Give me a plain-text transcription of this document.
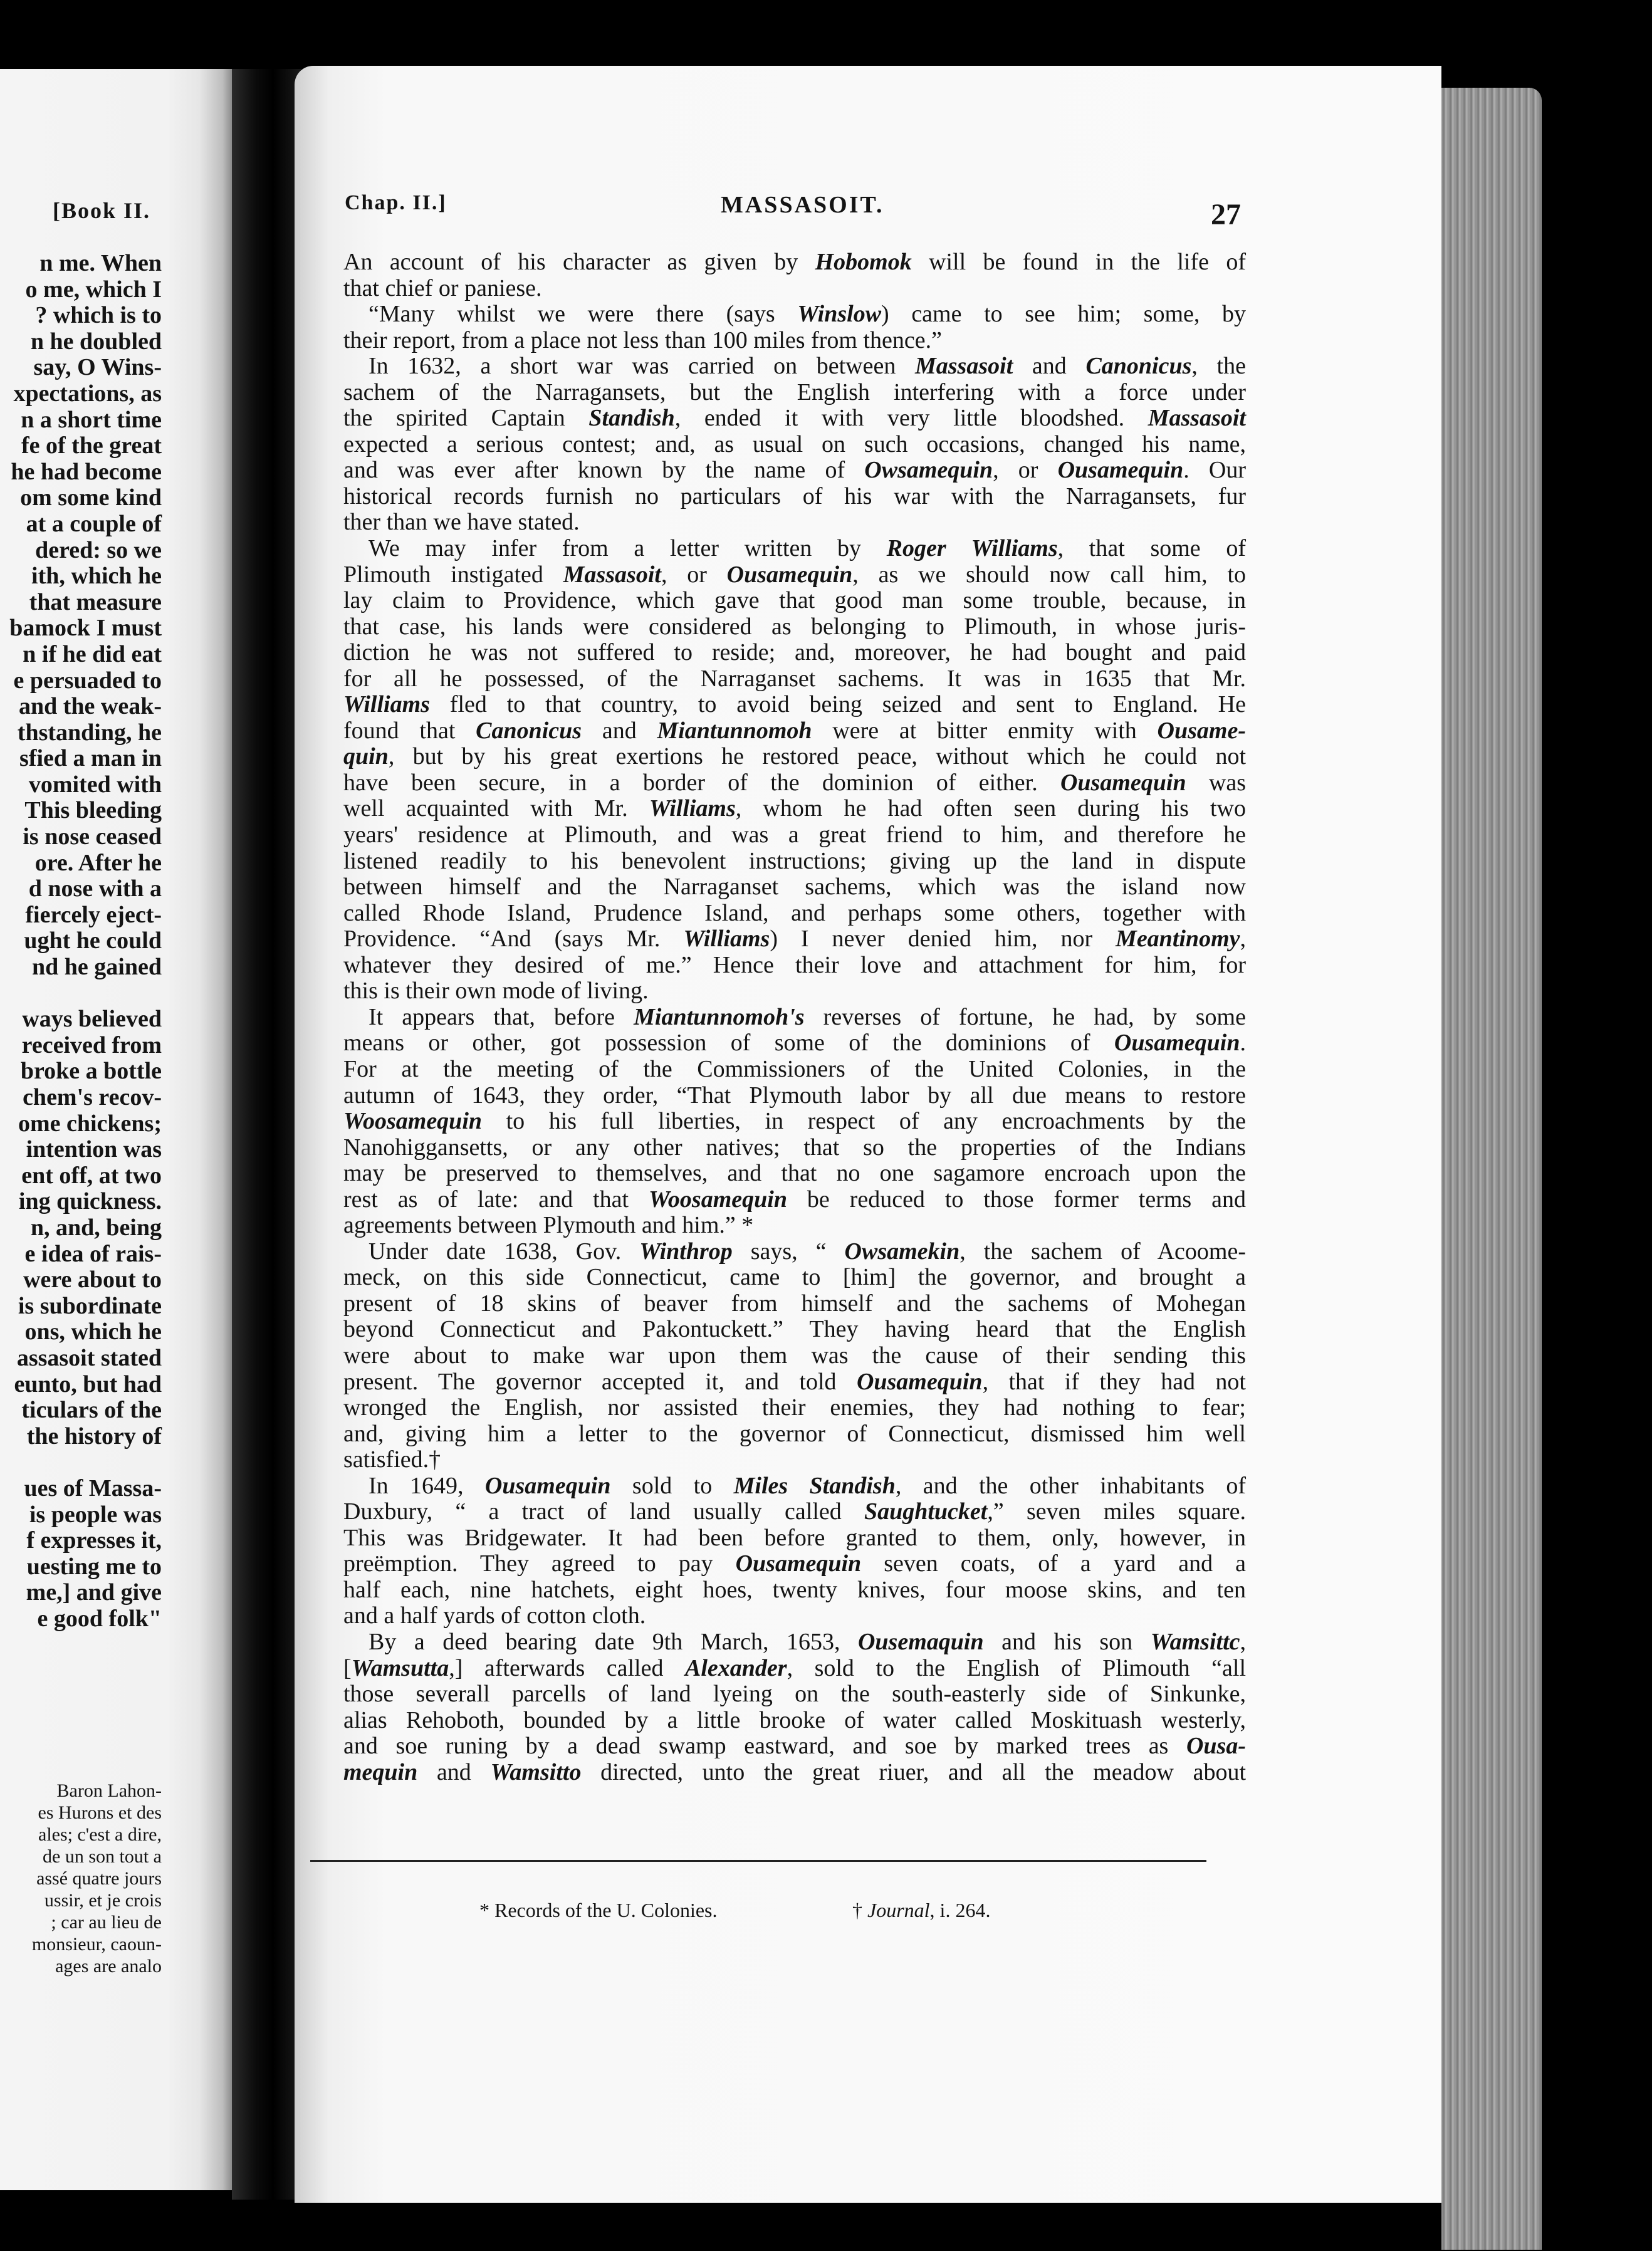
[Book II.
n me. When
o me, which I
? which is to
n he doubled
say, O Wins-
xpectations, as
n a short time
fe of the great
he had become
om some kind
at a couple of
dered: so we
ith, which he
that measure
bamock I must
n if he did eat
e persuaded to
and the weak-
thstanding, he
sfied a man in
vomited with
This bleeding
is nose ceased
ore. After he
d nose with a
fiercely eject-
ught he could
nd he gained
ways believed
received from
broke a bottle
chem's recov-
ome chickens;
intention was
ent off, at two
ing quickness.
n, and, being
e idea of rais-
were about to
is subordinate
ons, which he
assasoit stated
eunto, but had
ticulars of the
the history of
ues of Massa-
is people was
f expresses it,
uesting me to
me,] and give
e good folk"
Baron Lahon-
es Hurons et des
ales; c'est a dire,
de un son tout a
assé quatre jours
ussir, et je crois
; car au lieu de
monsieur, caoun-
ages are analo
Chap. II.]	MASSASOIT.	27
An account of his character as given by Hobomok will be found in the life of
that chief or paniese.
“Many whilst we were there (says Winslow) came to see him; some, by
their report, from a place not less than 100 miles from thence.”
In 1632, a short war was carried on between Massasoit and Canonicus, the
sachem of the Narragansets, but the English interfering with a force under
the spirited Captain Standish, ended it with very little bloodshed. Massasoit
expected a serious contest; and, as usual on such occasions, changed his name,
and was ever after known by the name of Owsamequin, or Ousamequin. Our
historical records furnish no particulars of his war with the Narragansets, fur
ther than we have stated.
We may infer from a letter written by Roger Williams, that some of
Plimouth instigated Massasoit, or Ousamequin, as we should now call him, to
lay claim to Providence, which gave that good man some trouble, because, in
that case, his lands were considered as belonging to Plimouth, in whose juris-
diction he was not suffered to reside; and, moreover, he had bought and paid
for all he possessed, of the Narraganset sachems. It was in 1635 that Mr.
Williams fled to that country, to avoid being seized and sent to England. He
found that Canonicus and Miantunnomoh were at bitter enmity with Ousame-
quin, but by his great exertions he restored peace, without which he could not
have been secure, in a border of the dominion of either. Ousamequin was
well acquainted with Mr. Williams, whom he had often seen during his two
years' residence at Plimouth, and was a great friend to him, and therefore he
listened readily to his benevolent instructions; giving up the land in dispute
between himself and the Narraganset sachems, which was the island now
called Rhode Island, Prudence Island, and perhaps some others, together with
Providence. “And (says Mr. Williams) I never denied him, nor Meantinomy,
whatever they desired of me.” Hence their love and attachment for him, for
this is their own mode of living.
It appears that, before Miantunnomoh's reverses of fortune, he had, by some
means or other, got possession of some of the dominions of Ousamequin.
For at the meeting of the Commissioners of the United Colonies, in the
autumn of 1643, they order, “That Plymouth labor by all due means to restore
Woosamequin to his full liberties, in respect of any encroachments by the
Nanohiggansetts, or any other natives; that so the properties of the Indians
may be preserved to themselves, and that no one sagamore encroach upon the
rest as of late: and that Woosamequin be reduced to those former terms and
agreements between Plymouth and him.” *
Under date 1638, Gov. Winthrop says, “ Owsamekin, the sachem of Acoome-
meck, on this side Connecticut, came to [him] the governor, and brought a
present of 18 skins of beaver from himself and the sachems of Mohegan
beyond Connecticut and Pakontuckett.” They having heard that the English
were about to make war upon them was the cause of their sending this
present. The governor accepted it, and told Ousamequin, that if they had not
wronged the English, nor assisted their enemies, they had nothing to fear;
and, giving him a letter to the governor of Connecticut, dismissed him well
satisfied.†
In 1649, Ousamequin sold to Miles Standish, and the other inhabitants of
Duxbury, “ a tract of land usually called Saughtucket,” seven miles square.
This was Bridgewater. It had been before granted to them, only, however, in
preëmption. They agreed to pay Ousamequin seven coats, of a yard and a
half each, nine hatchets, eight hoes, twenty knives, four moose skins, and ten
and a half yards of cotton cloth.
By a deed bearing date 9th March, 1653, Ousemaquin and his son Wamsittc,
[Wamsutta,] afterwards called Alexander, sold to the English of Plimouth “all
those severall parcells of land lyeing on the south-easterly side of Sinkunke,
alias Rehoboth, bounded by a little brooke of water called Moskituash westerly,
and soe runing by a dead swamp eastward, and soe by marked trees as Ousa-
mequin and Wamsitto directed, unto the great riuer, and all the meadow about
* Records of the U. Colonies.	† Journal, i. 264.
